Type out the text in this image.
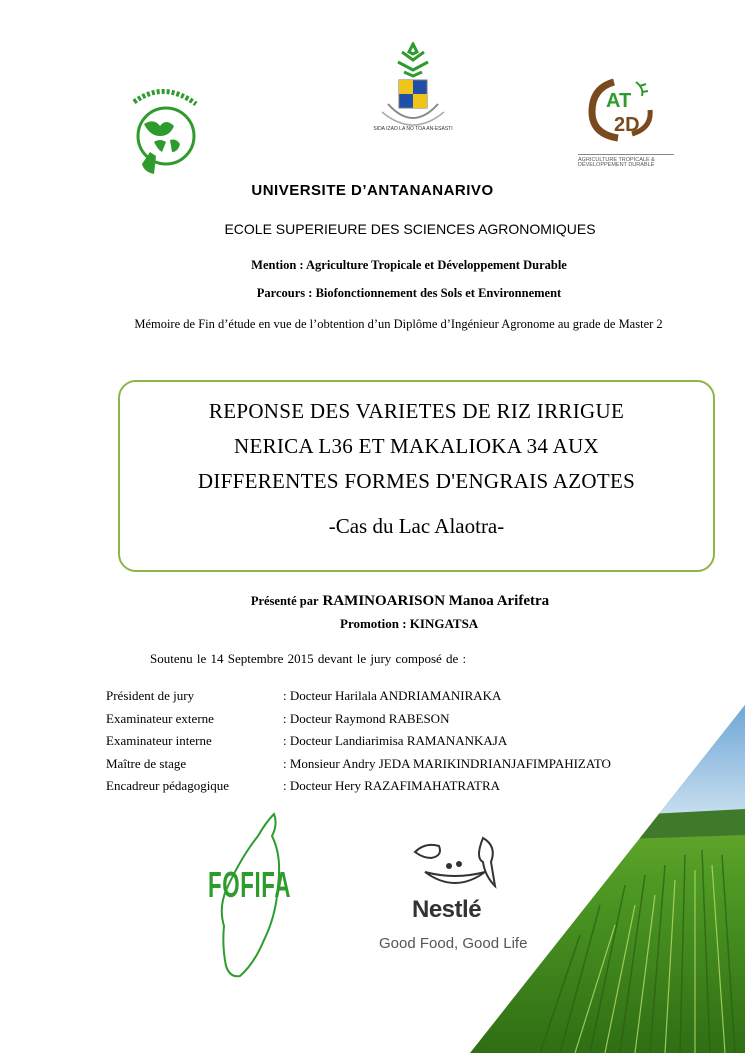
SIDA IZAO LA NO TOA AN-ESASTI
AT
2D
AGRICULTURE TROPICALE &
DÉVELOPPEMENT DURABLE
UNIVERSITE D’ANTANANARIVO
ECOLE SUPERIEURE DES SCIENCES AGRONOMIQUES
Mention : Agriculture Tropicale et Développement Durable
Parcours : Biofonctionnement des Sols et Environnement
Mémoire de Fin d’étude en vue de l’obtention d’un Diplôme d’Ingénieur Agronome au grade de Master 2
REPONSE DES VARIETES DE RIZ IRRIGUE
NERICA L36 ET MAKALIOKA 34 AUX
DIFFERENTES FORMES D'ENGRAIS AZOTES
-Cas du Lac Alaotra-
Présenté par RAMINOARISON Manoa Arifetra
Promotion : KINGATSA
Soutenu le 14 Septembre 2015 devant le jury composé de :
Président de jury	: Docteur Harilala ANDRIAMANIRAKA
Examinateur externe	: Docteur Raymond RABESON
Examinateur interne	: Docteur Landiarimisa RAMANANKAJA
Maître de stage	: Monsieur Andry JEDA MARIKINDRIANJAFIMPAHIZATO
Encadreur pédagogique	: Docteur Hery RAZAFIMAHATRATRA
FOFIFA
Nestlé
Good Food, Good Life
